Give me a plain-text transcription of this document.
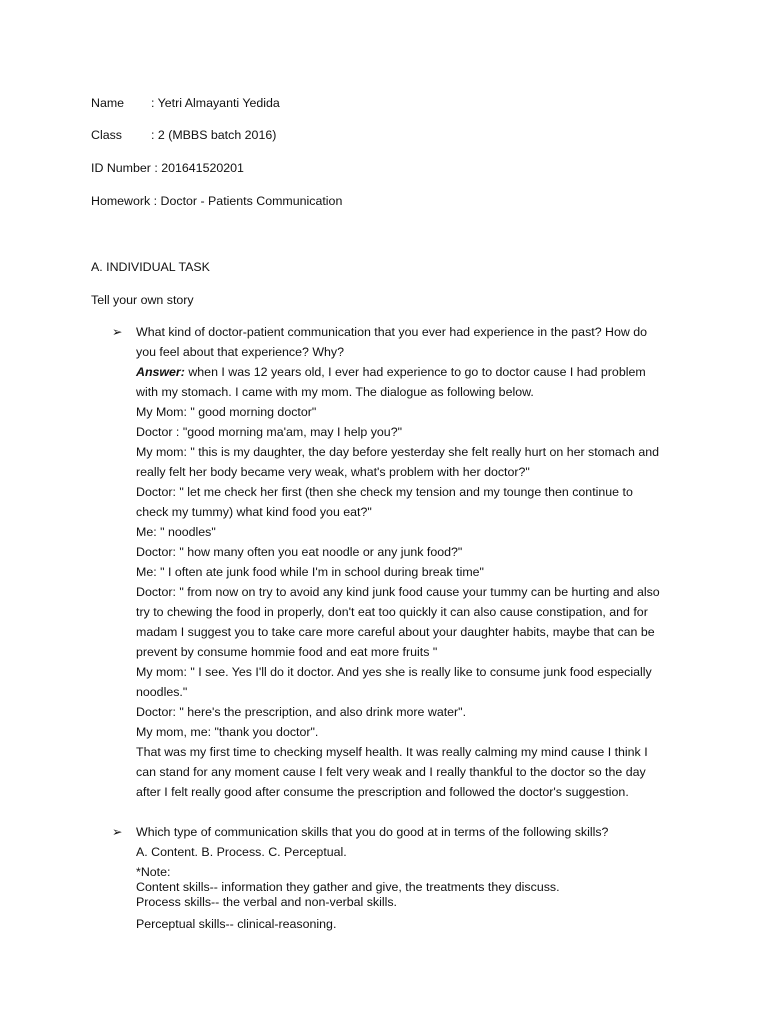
Name : Yetri Almayanti Yedida
Class : 2 (MBBS batch 2016)
ID Number : 201641520201
Homework : Doctor - Patients Communication
A. INDIVIDUAL TASK
Tell your own story
➢ What kind of doctor-patient communication that you ever had experience in the past? How do
you feel about that experience? Why?
Answer: when I was 12 years old, I ever had experience to go to doctor cause I had problem
with my stomach. I came with my mom. The dialogue as following below.
My Mom: " good morning doctor"
Doctor : "good morning ma'am, may I help you?"
My mom: " this is my daughter, the day before yesterday she felt really hurt on her stomach and
really felt her body became very weak, what's problem with her doctor?"
Doctor: " let me check her first (then she check my tension and my tounge then continue to
check my tummy) what kind food you eat?"
Me: " noodles"
Doctor: " how many often you eat noodle or any junk food?"
Me: " I often ate junk food while I'm in school during break time"
Doctor: " from now on try to avoid any kind junk food cause your tummy can be hurting and also
try to chewing the food in properly, don't eat too quickly it can also cause constipation, and for
madam I suggest you to take care more careful about your daughter habits, maybe that can be
prevent by consume hommie food and eat more fruits "
My mom: " I see. Yes I'll do it doctor. And yes she is really like to consume junk food especially
noodles."
Doctor: " here's the prescription, and also drink more water".
My mom, me: "thank you doctor".
That was my first time to checking myself health. It was really calming my mind cause I think I
can stand for any moment cause I felt very weak and I really thankful to the doctor so the day
after I felt really good after consume the prescription and followed the doctor's suggestion.
➢ Which type of communication skills that you do good at in terms of the following skills?
A. Content. B. Process. C. Perceptual.
*Note:
Content skills-- information they gather and give, the treatments they discuss.
Process skills-- the verbal and non-verbal skills.
Perceptual skills-- clinical-reasoning.
